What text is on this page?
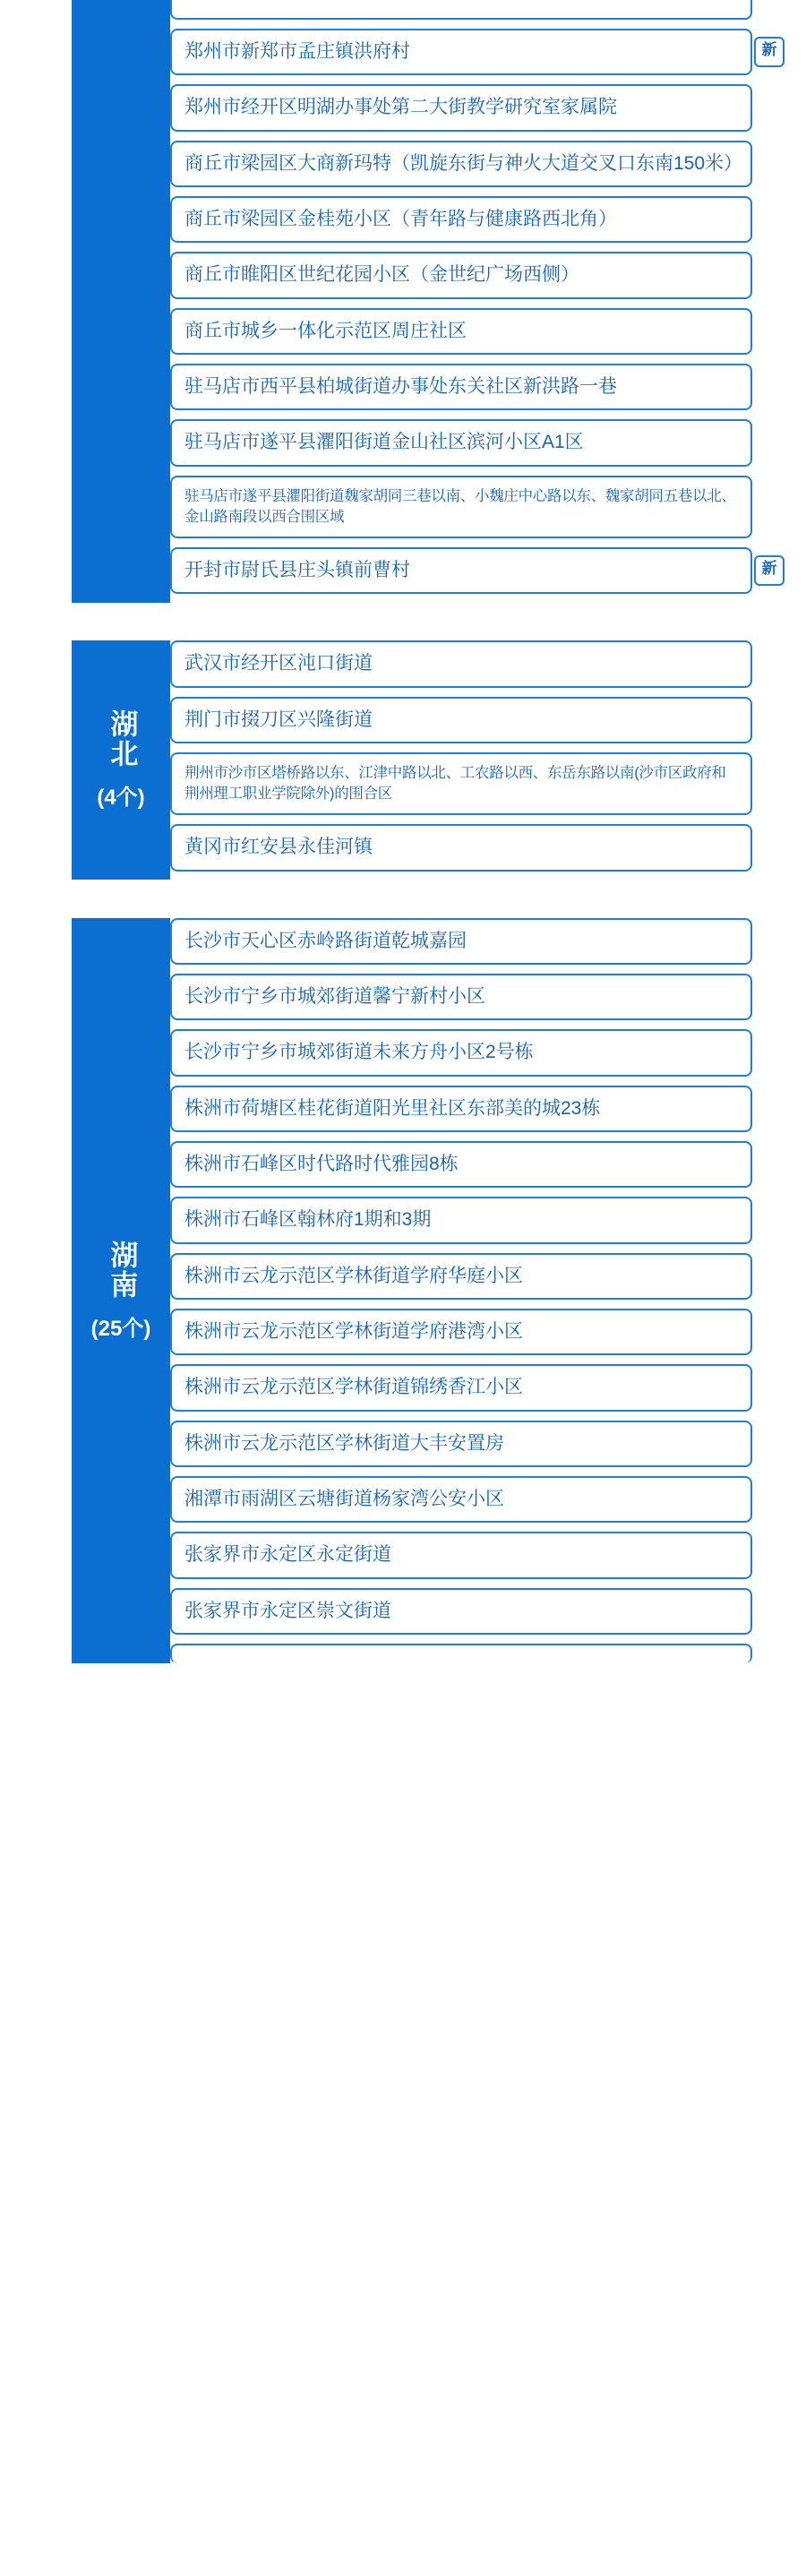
郑州市新郑市孟庄镇洪府村	新
郑州市经开区明湖办事处第二大街教学研究室家属院
商丘市梁园区大商新玛特（凯旋东街与神火大道交叉口东南150米）
商丘市梁园区金桂苑小区（青年路与健康路西北角）
商丘市睢阳区世纪花园小区（金世纪广场西侧）
商丘市城乡一体化示范区周庄社区
驻马店市西平县柏城街道办事处东关社区新洪路一巷
驻马店市遂平县灈阳街道金山社区滨河小区A1区
驻马店市遂平县灈阳街道魏家胡同三巷以南、小魏庄中心路以东、魏家胡同五巷以北、金山路南段以西合围区域
开封市尉氏县庄头镇前曹村	新
武汉市经开区沌口街道
荆门市掇刀区兴隆街道
荆州市沙市区塔桥路以东、江津中路以北、工农路以西、东岳东路以南(沙市区政府和荆州理工职业学院除外)的围合区
黄冈市红安县永佳河镇
湖北
(4个)
长沙市天心区赤岭路街道乾城嘉园
长沙市宁乡市城郊街道馨宁新村小区
长沙市宁乡市城郊街道未来方舟小区2号栋
株洲市荷塘区桂花街道阳光里社区东部美的城23栋
株洲市石峰区时代路时代雅园8栋
株洲市石峰区翰林府1期和3期
株洲市云龙示范区学林街道学府华庭小区
株洲市云龙示范区学林街道学府港湾小区
株洲市云龙示范区学林街道锦绣香江小区
株洲市云龙示范区学林街道大丰安置房
湘潭市雨湖区云塘街道杨家湾公安小区
张家界市永定区永定街道
张家界市永定区崇文街道
湖南
(25个)
